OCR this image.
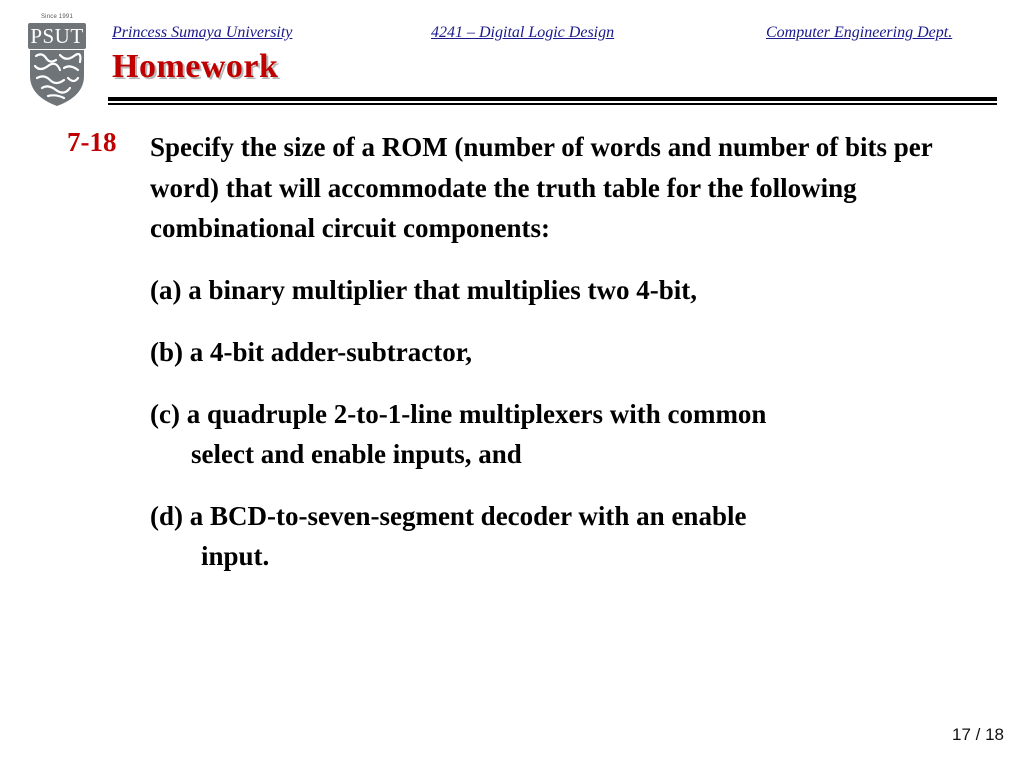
Since 1991
PSUT Princess Sumaya University	4241 – Digital Logic Design	Computer Engineering Dept.
Homework
7-18 Specify the size of a ROM (number of words and number of bits per word) that will accommodate the truth table for the following combinational circuit components:
(a) a binary multiplier that multiplies two 4-bit,
(b) a 4-bit adder-subtractor,
(c) a quadruple 2-to-1-line multiplexers with common
select and enable inputs, and
(d) a BCD-to-seven-segment decoder with an enable
input.
17 / 18
